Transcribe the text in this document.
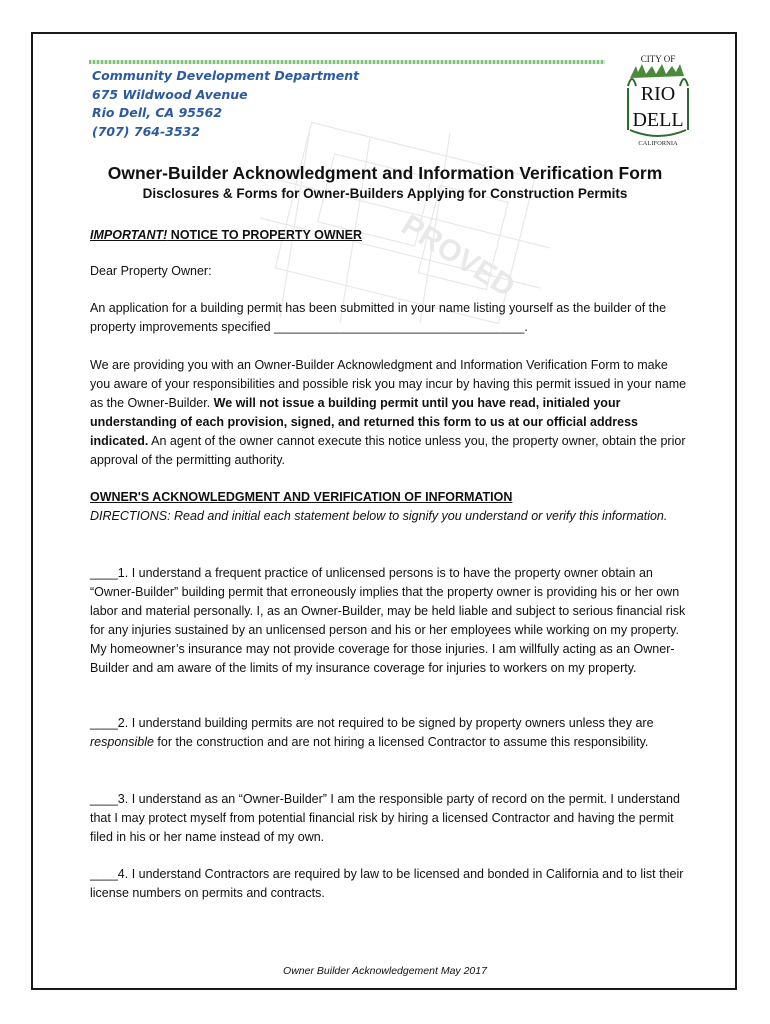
PROVED
Community Development Department
675 Wildwood Avenue
Rio Dell, CA 95562
(707) 764-3532
CITY OF
RIO
DELL
CALIFORNIA
Owner-Builder Acknowledgment and Information Verification Form
Disclosures & Forms for Owner-Builders Applying for Construction Permits
IMPORTANT! NOTICE TO PROPERTY OWNER
Dear Property Owner:
An application for a building permit has been submitted in your name listing yourself as the builder of the property improvements specified ____________________________________.
We are providing you with an Owner-Builder Acknowledgment and Information Verification Form to make you aware of your responsibilities and possible risk you may incur by having this permit issued in your name as the Owner-Builder. We will not issue a building permit until you have read, initialed your understanding of each provision, signed, and returned this form to us at our official address indicated. An agent of the owner cannot execute this notice unless you, the property owner, obtain the prior approval of the permitting authority.
OWNER'S ACKNOWLEDGMENT AND VERIFICATION OF INFORMATION
DIRECTIONS: Read and initial each statement below to signify you understand or verify this information.
____1. I understand a frequent practice of unlicensed persons is to have the property owner obtain an “Owner-Builder” building permit that erroneously implies that the property owner is providing his or her own labor and material personally. I, as an Owner-Builder, may be held liable and subject to serious financial risk for any injuries sustained by an unlicensed person and his or her employees while working on my property. My homeowner’s insurance may not provide coverage for those injuries. I am willfully acting as an Owner-Builder and am aware of the limits of my insurance coverage for injuries to workers on my property.
____2. I understand building permits are not required to be signed by property owners unless they are responsible for the construction and are not hiring a licensed Contractor to assume this responsibility.
____3. I understand as an “Owner-Builder” I am the responsible party of record on the permit. I understand that I may protect myself from potential financial risk by hiring a licensed Contractor and having the permit filed in his or her name instead of my own.
____4. I understand Contractors are required by law to be licensed and bonded in California and to list their license numbers on permits and contracts.
Owner Builder Acknowledgement May 2017
